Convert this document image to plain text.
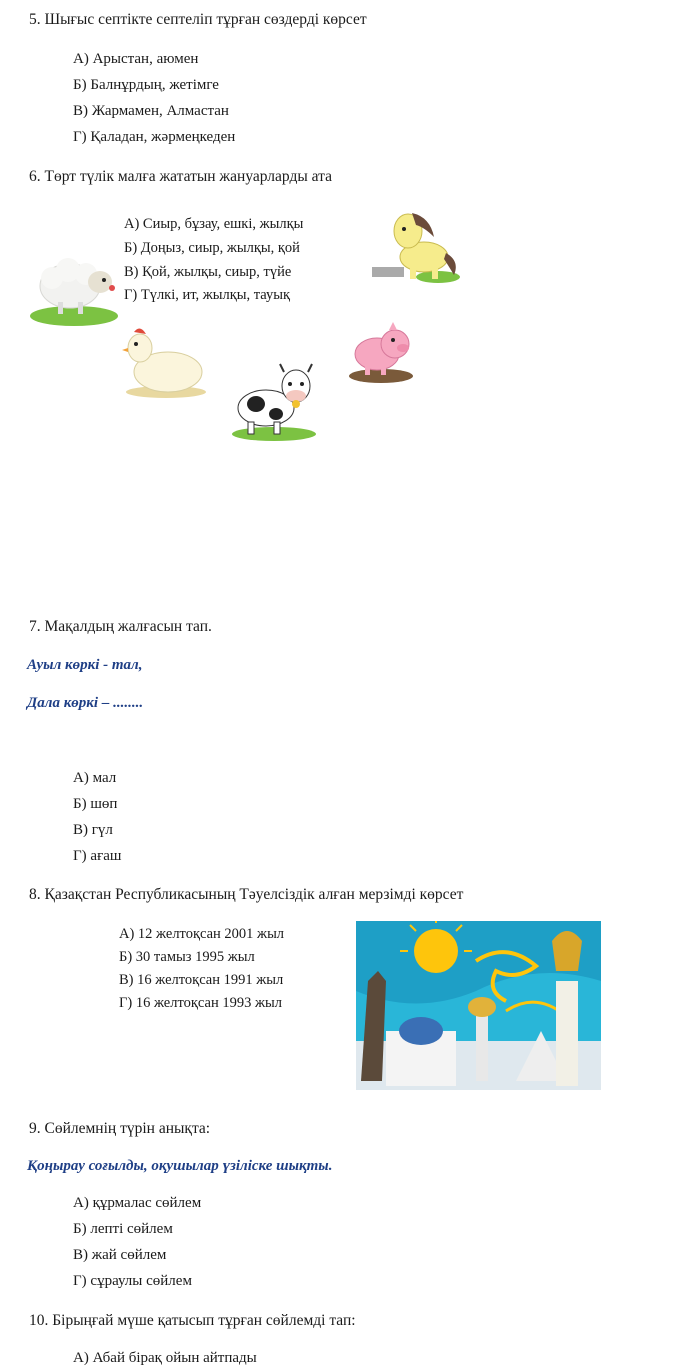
5. Шығыс септікте септеліп тұрған сөздерді көрсет
А) Арыстан, аюмен
Б) Балнұрдың, жетімге
В) Жармамен, Алмастан
Г) Қаладан, жәрмеңкеден
6. Төрт түлік малға жататын жануарларды ата
А) Сиыр, бұзау, ешкі, жылқы
Б) Доңыз, сиыр, жылқы, қой
В) Қой, жылқы, сиыр, түйе
Г) Түлкі, ит, жылқы, тауық
7. Мақалдың жалғасын тап.
Ауыл көркі - тал,
Дала көркі – ........
А) мал
Б) шөп
В) гүл
Г) ағаш
8. Қазақстан Республикасының Тәуелсіздік алған мерзімді көрсет
А) 12 желтоқсан 2001 жыл
Б) 30 тамыз 1995 жыл
В) 16 желтоқсан 1991 жыл
Г) 16 желтоқсан 1993 жыл
9. Сөйлемнің түрін анықта:
Қоңырау соғылды, оқушылар үзіліске шықты.
А) құрмалас сөйлем
Б) лепті сөйлем
В) жай сөйлем
Г) сұраулы сөйлем
10. Бірыңғай мүше қатысып тұрған сөйлемді тап:
А) Абай бірақ ойын айтпады
